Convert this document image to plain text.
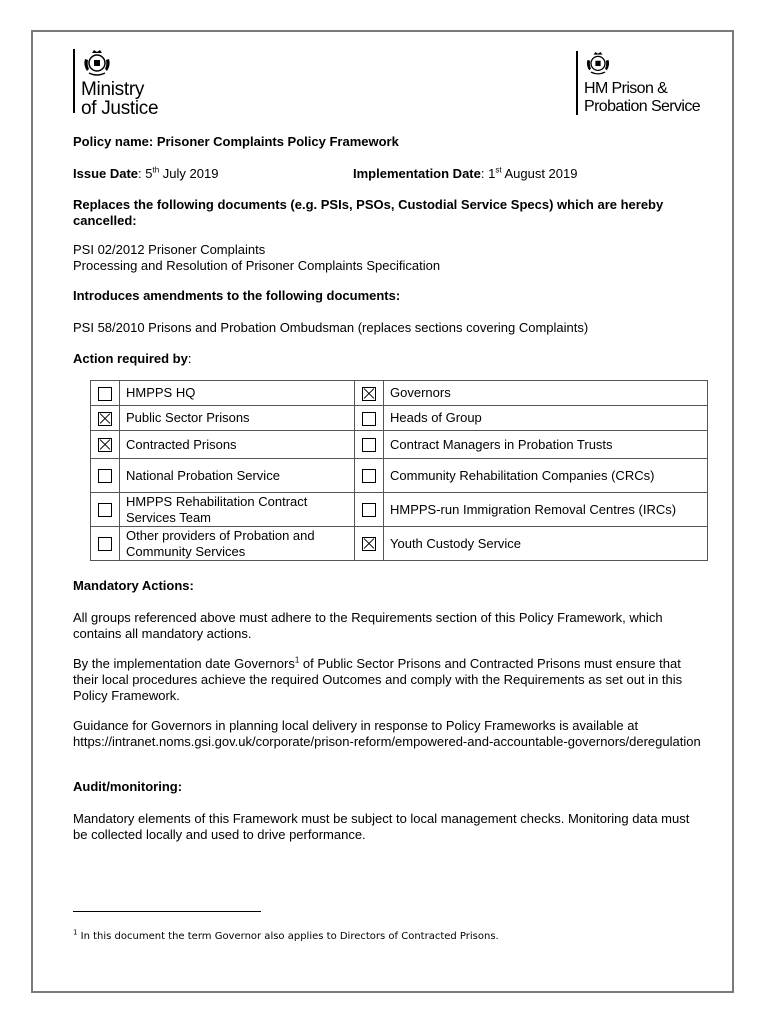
Ministry
of Justice
HM Prison &
Probation Service
Policy name: Prisoner Complaints Policy Framework
Issue Date: 5th July 2019	Implementation Date: 1st August 2019
Replaces the following documents (e.g. PSIs, PSOs, Custodial Service Specs) which are hereby cancelled:
PSI 02/2012 Prisoner Complaints
Processing and Resolution of Prisoner Complaints Specification
Introduces amendments to the following documents:
PSI 58/2010 Prisons and Probation Ombudsman (replaces sections covering Complaints)
Action required by:
	HMPPS HQ		Governors
	Public Sector Prisons		Heads of Group
	Contracted Prisons		Contract Managers in Probation Trusts
	National Probation Service		Community Rehabilitation Companies (CRCs)
	HMPPS Rehabilitation Contract Services Team		HMPPS-run Immigration Removal Centres (IRCs)
	Other providers of Probation and Community Services		Youth Custody Service
Mandatory Actions:
All groups referenced above must adhere to the Requirements section of this Policy Framework, which contains all mandatory actions.
By the implementation date Governors$^1$ of Public Sector Prisons and Contracted Prisons must ensure that their local procedures achieve the required Outcomes and comply with the Requirements as set out in this Policy Framework.
Guidance for Governors in planning local delivery in response to Policy Frameworks is available at https://intranet.noms.gsi.gov.uk/corporate/prison-reform/empowered-and-accountable-governors/deregulation
Audit/monitoring:
Mandatory elements of this Framework must be subject to local management checks. Monitoring data must be collected locally and used to drive performance.
$^1$ In this document the term Governor also applies to Directors of Contracted Prisons.
